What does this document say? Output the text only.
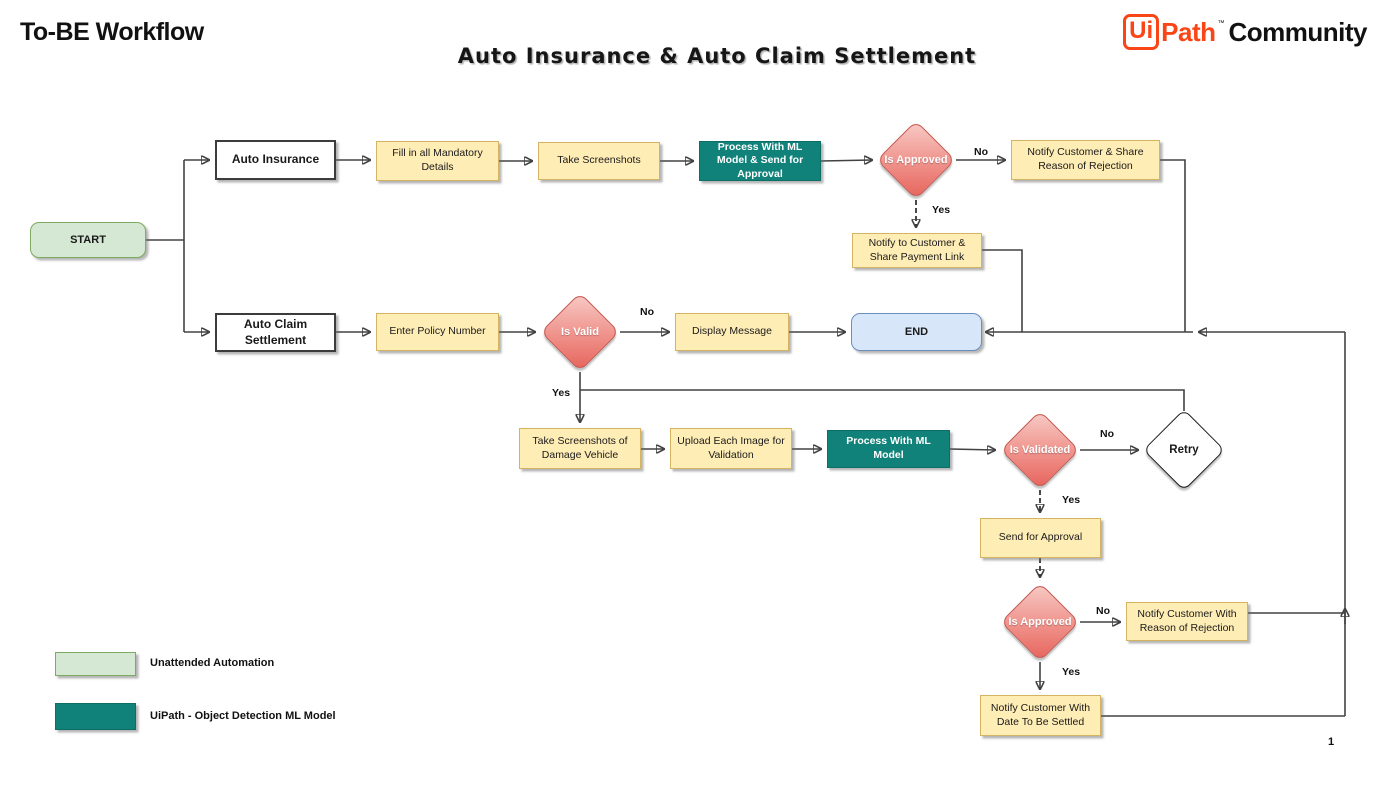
To-BE Workflow
Auto Insurance & Auto Claim Settlement
Ui Path ™ Community
START
Auto Insurance	Fill in all Mandatory Details
Take Screenshots
Process With ML Model & Send for Approval
Is Approved
Notify Customer & Share Reason of Rejection
Notify to Customer & Share Payment Link
Auto Claim Settlement
Enter Policy Number	Is Valid	Display Message	END
Take Screenshots of Damage Vehicle
Upload Each Image for Validation
Process With ML Model	Is Validated	Retry
Send for Approval
Is Approved
Notify Customer With Reason of Rejection
Notify Customer With Date To Be Settled
No
Yes
No
Yes
No
Yes
No
Yes
Unattended Automation
UiPath - Object Detection ML Model
1
